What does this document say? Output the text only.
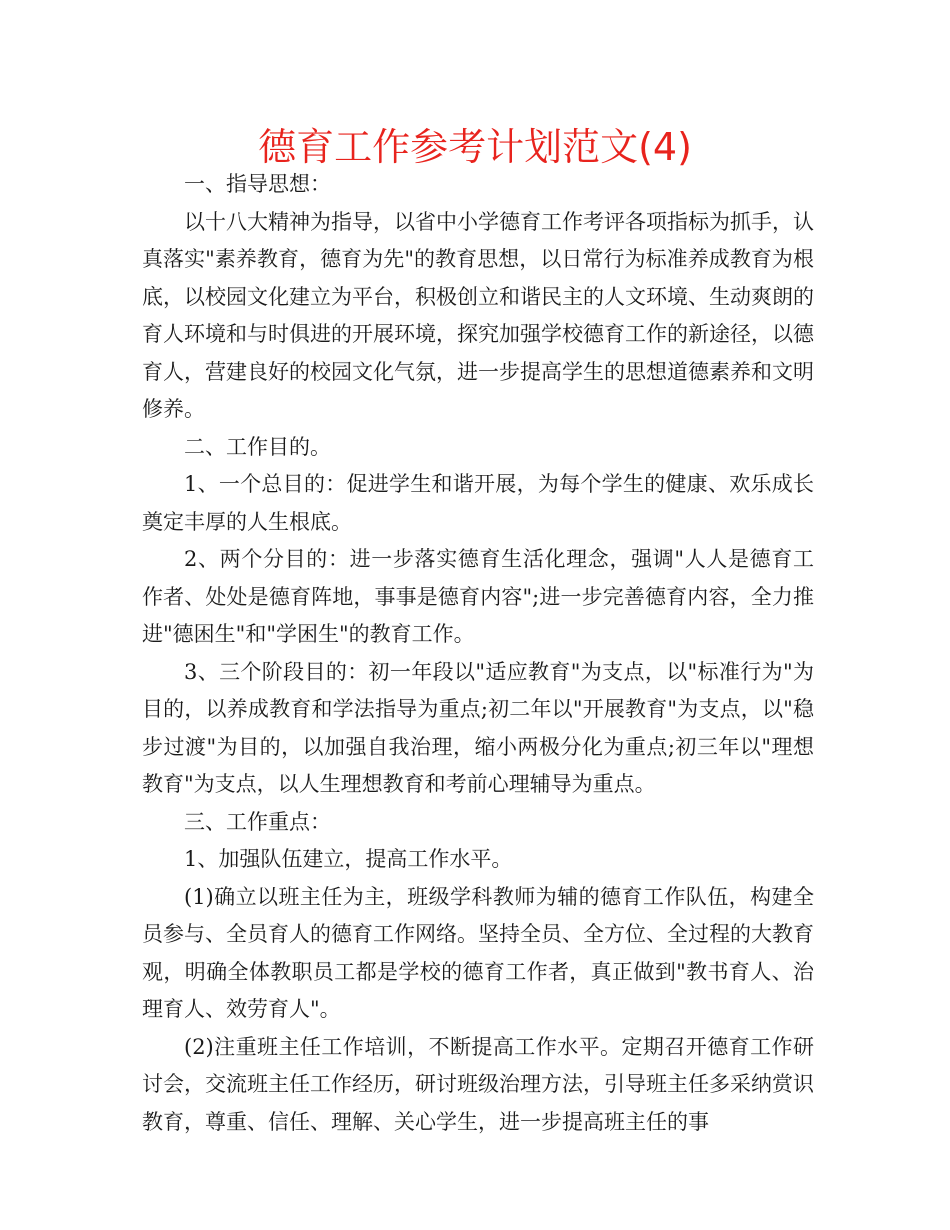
德育工作参考计划范文(4)

一、指导思想：

以十八大精神为指导，以省中小学德育工作考评各项指标为抓手，认真落实"素养教育，德育为先"的教育思想，以日常行为标准养成教育为根底，以校园文化建立为平台，积极创立和谐民主的人文环境、生动爽朗的育人环境和与时俱进的开展环境，探究加强学校德育工作的新途径，以德育人，营建良好的校园文化气氛，进一步提高学生的思想道德素养和文明修养。

二、工作目的。

1、一个总目的：促进学生和谐开展，为每个学生的健康、欢乐成长奠定丰厚的人生根底。

2、两个分目的：进一步落实德育生活化理念，强调"人人是德育工作者、处处是德育阵地，事事是德育内容";进一步完善德育内容，全力推进"德困生"和"学困生"的教育工作。

3、三个阶段目的：初一年段以"适应教育"为支点，以"标准行为"为目的，以养成教育和学法指导为重点;初二年以"开展教育"为支点，以"稳步过渡"为目的，以加强自我治理，缩小两极分化为重点;初三年以"理想教育"为支点，以人生理想教育和考前心理辅导为重点。

三、工作重点：

1、加强队伍建立，提高工作水平。

(1)确立以班主任为主，班级学科教师为辅的德育工作队伍，构建全员参与、全员育人的德育工作网络。坚持全员、全方位、全过程的大教育观，明确全体教职员工都是学校的德育工作者，真正做到"教书育人、治理育人、效劳育人"。

(2)注重班主任工作培训，不断提高工作水平。定期召开德育工作研讨会，交流班主任工作经历，研讨班级治理方法，引导班主任多采纳赏识教育，尊重、信任、理解、关心学生，进一步提高班主任的事
